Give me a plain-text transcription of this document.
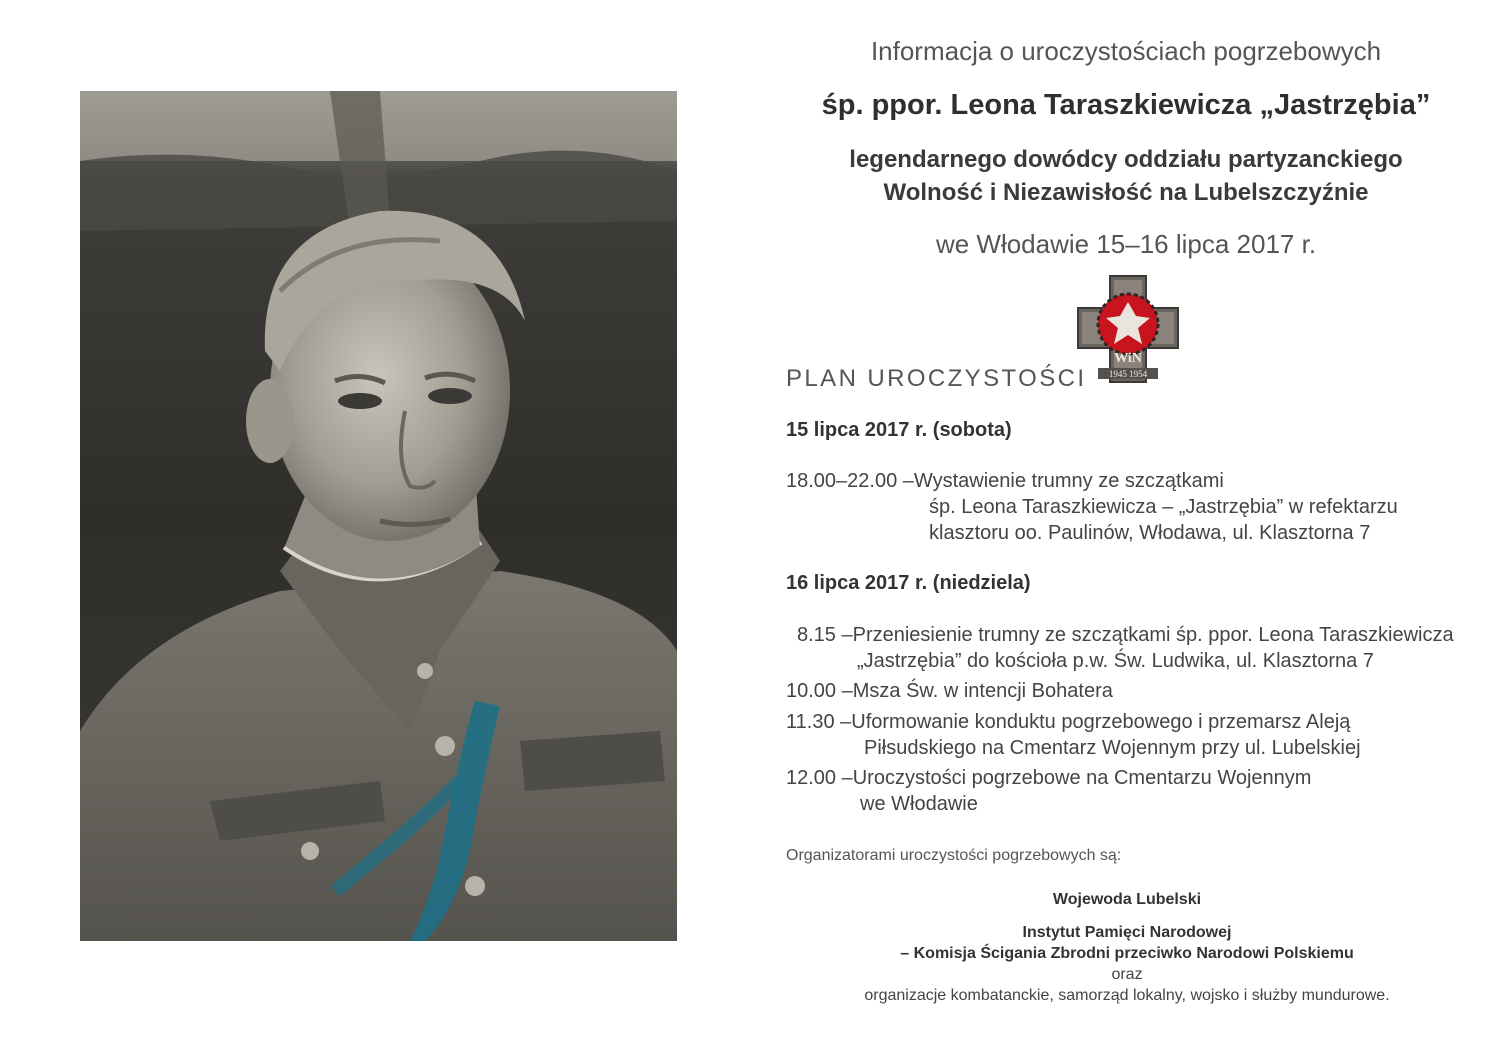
Informacja o uroczystościach pogrzebowych
śp. ppor. Leona Taraszkiewicza „Jastrzębia”
legendarnego dowódcy oddziału partyzanckiego
Wolność i Niezawisłość na Lubelszczyźnie
we Włodawie 15–16 lipca 2017 r.
WiN
1945 1954
PLAN UROCZYSTOŚCI
15 lipca 2017 r. (sobota)
18.00–22.00 –Wystawienie trumny ze szczątkami
śp. Leona Taraszkiewicza – „Jastrzębia” w refektarzu
klasztoru oo. Paulinów, Włodawa, ul. Klasztorna 7
16 lipca 2017 r. (niedziela)
8.15 –Przeniesienie trumny ze szczątkami śp. ppor. Leona Taraszkiewicza
„Jastrzębia” do kościoła p.w. Św. Ludwika, ul. Klasztorna 7
10.00 –Msza Św. w intencji Bohatera
11.30 –Uformowanie konduktu pogrzebowego i przemarsz Aleją
Piłsudskiego na Cmentarz Wojennym przy ul. Lubelskiej
12.00 –Uroczystości pogrzebowe na Cmentarzu Wojennym
we Włodawie
Organizatorami uroczystości pogrzebowych są:
Wojewoda Lubelski
Instytut Pamięci Narodowej
– Komisja Ścigania Zbrodni przeciwko Narodowi Polskiemu
oraz
organizacje kombatanckie, samorząd lokalny, wojsko i służby mundurowe.
